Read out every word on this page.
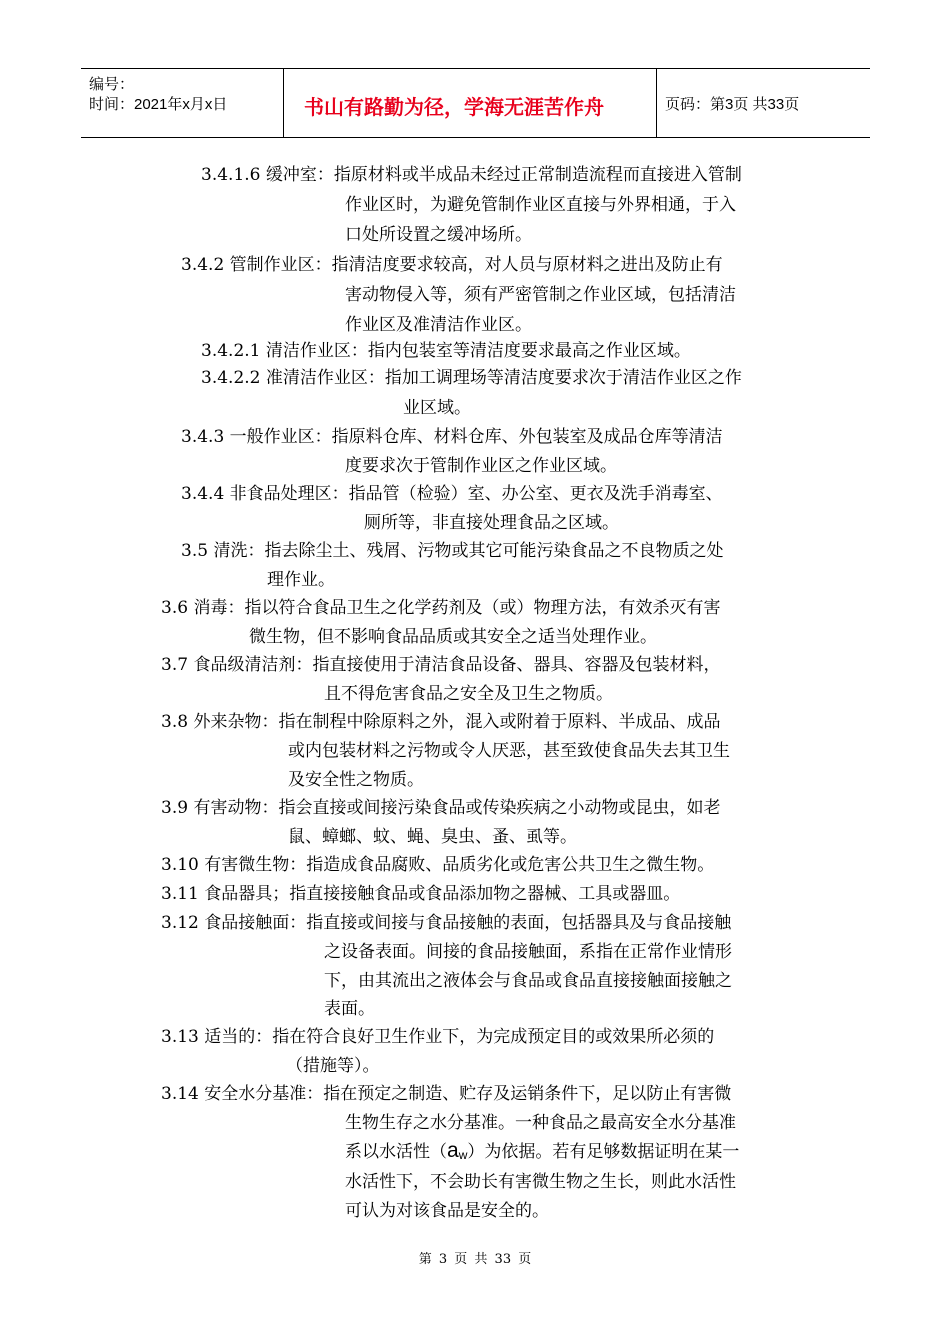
编号：
时间：2021年x月x日	书山有路勤为径，学海无涯苦作舟	页码：第3页 共33页
3.4.1.6 缓冲室：指原材料或半成品未经过正常制造流程而直接进入管制
作业区时，为避免管制作业区直接与外界相通，于入
口处所设置之缓冲场所。
3.4.2 管制作业区：指清洁度要求较高，对人员与原材料之进出及防止有
害动物侵入等，须有严密管制之作业区域，包括清洁
作业区及准清洁作业区。
3.4.2.1 清洁作业区：指内包装室等清洁度要求最高之作业区域。
3.4.2.2 准清洁作业区：指加工调理场等清洁度要求次于清洁作业区之作
业区域。
3.4.3 一般作业区：指原料仓库、材料仓库、外包装室及成品仓库等清洁
度要求次于管制作业区之作业区域。
3.4.4 非食品处理区：指品管（检验）室、办公室、更衣及洗手消毒室、
厕所等，非直接处理食品之区域。
3.5 清洗：指去除尘土、残屑、污物或其它可能污染食品之不良物质之处
理作业。
3.6 消毒：指以符合食品卫生之化学药剂及（或）物理方法，有效杀灭有害
微生物，但不影响食品品质或其安全之适当处理作业。
3.7 食品级清洁剂：指直接使用于清洁食品设备、器具、容器及包装材料，
且不得危害食品之安全及卫生之物质。
3.8 外来杂物：指在制程中除原料之外，混入或附着于原料、半成品、成品
或内包装材料之污物或令人厌恶，甚至致使食品失去其卫生
及安全性之物质。
3.9 有害动物：指会直接或间接污染食品或传染疾病之小动物或昆虫，如老
鼠、蟑螂、蚊、蝇、臭虫、蚤、虱等。
3.10 有害微生物：指造成食品腐败、品质劣化或危害公共卫生之微生物。
3.11 食品器具；指直接接触食品或食品添加物之器械、工具或器皿。
3.12 食品接触面：指直接或间接与食品接触的表面，包括器具及与食品接触
之设备表面。间接的食品接触面，系指在正常作业情形
下，由其流出之液体会与食品或食品直接接触面接触之
表面。
3.13 适当的：指在符合良好卫生作业下，为完成预定目的或效果所必须的
（措施等）。
3.14 安全水分基准：指在预定之制造、贮存及运销条件下，足以防止有害微
生物生存之水分基准。一种食品之最高安全水分基准
系以水活性$(a_w)$为依据。若有足够数据证明在某一
水活性下，不会助长有害微生物之生长，则此水活性
可认为对该食品是安全的。
第 3 页 共 33 页
